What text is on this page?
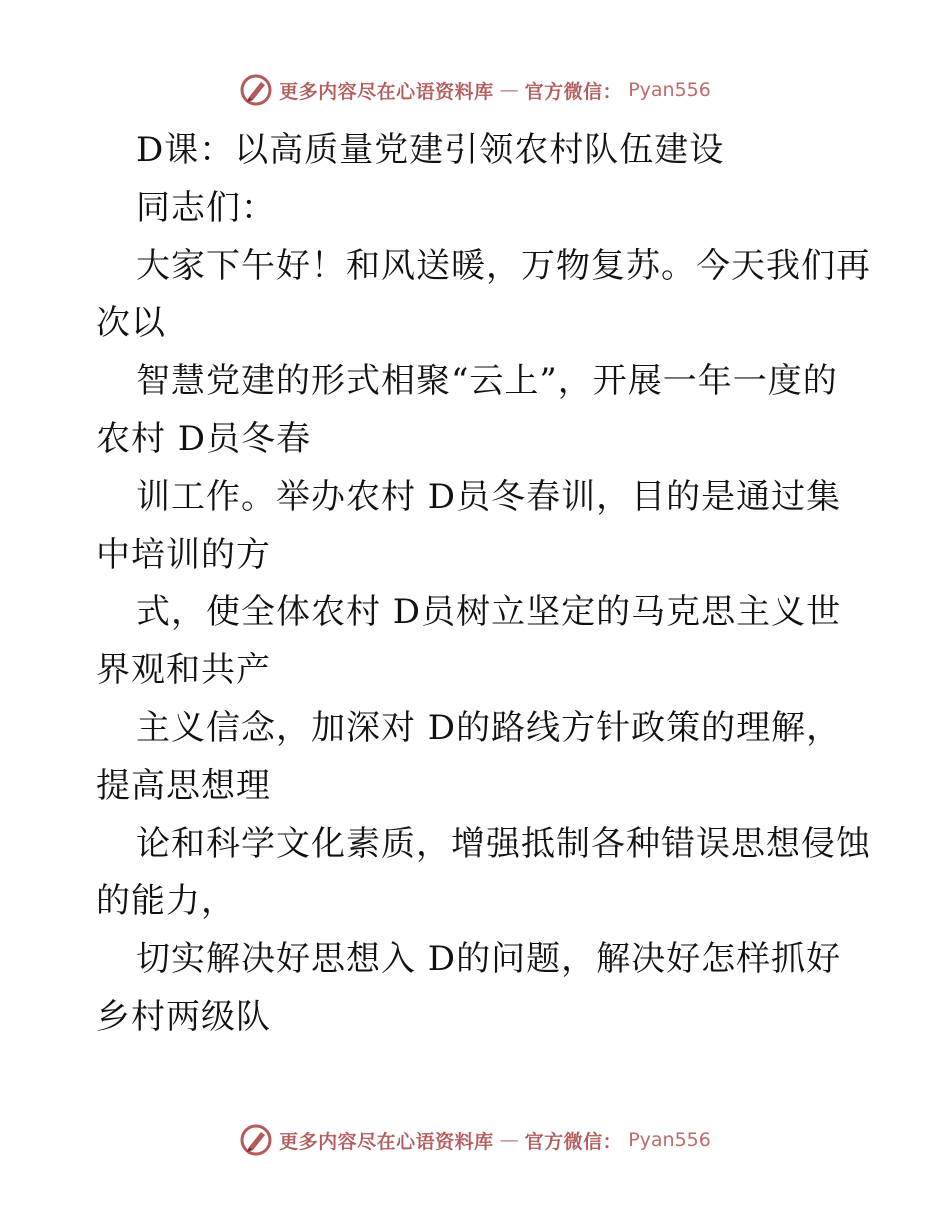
更多内容尽在心语资料库 — 官方微信： Pyan556
D课：以高质量党建引领农村队伍建设
同志们：
大家下午好！和风送暖，万物复苏。今天我们再
次以
智慧党建的形式相聚“云上”，开展一年一度的
农村 D员冬春
训工作。举办农村 D员冬春训，目的是通过集
中培训的方
式，使全体农村 D员树立坚定的马克思主义世
界观和共产
主义信念，加深对 D的路线方针政策的理解，
提高思想理
论和科学文化素质，增强抵制各种错误思想侵蚀
的能力，
切实解决好思想入 D的问题，解决好怎样抓好
乡村两级队
更多内容尽在心语资料库 — 官方微信： Pyan556
